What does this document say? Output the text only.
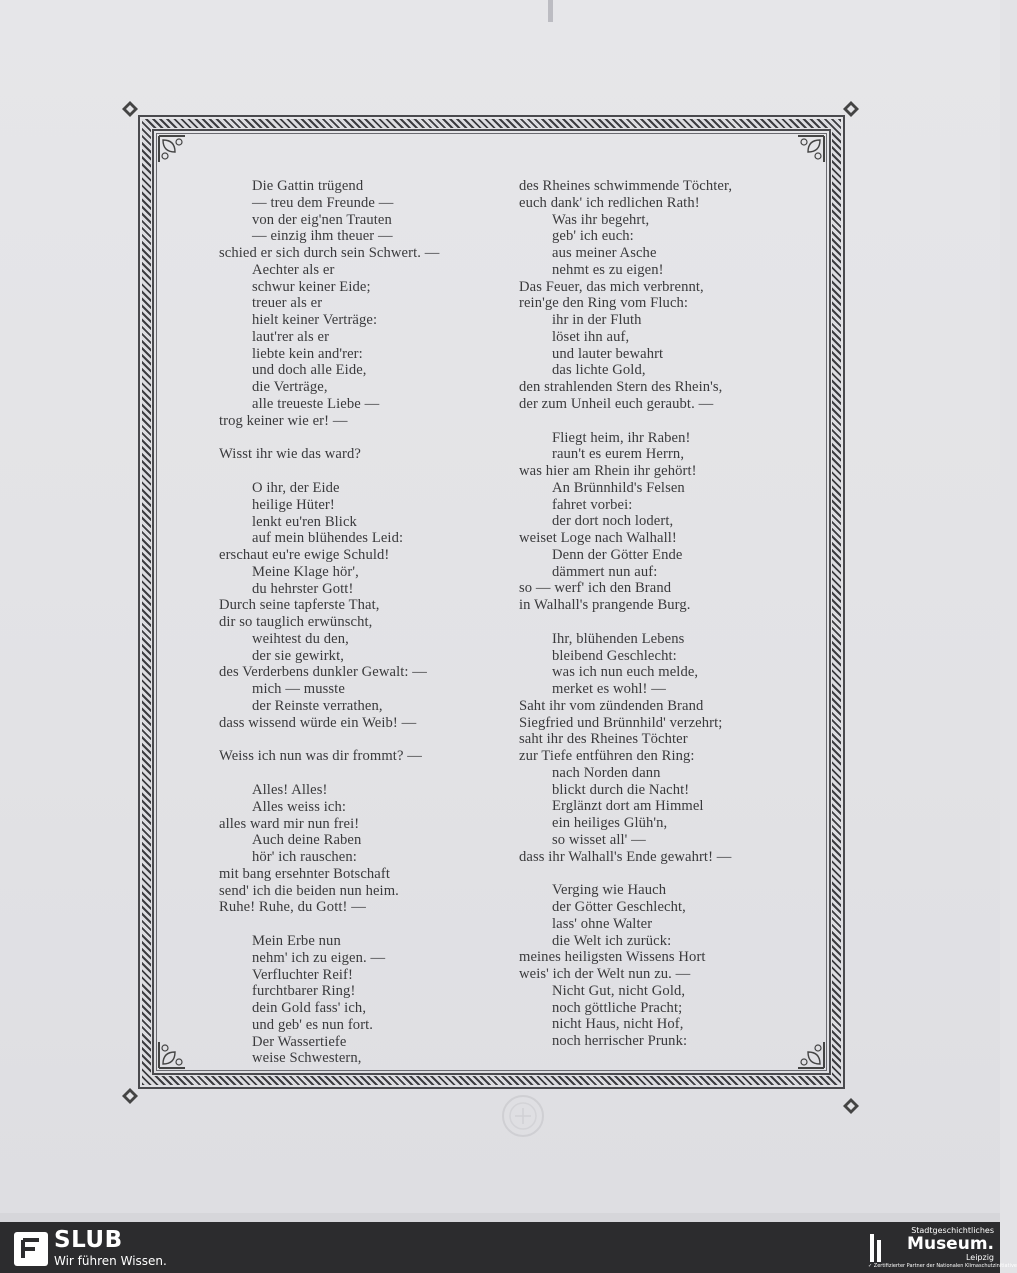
Die Gattin trügend
— treu dem Freunde —
von der eig'nen Trauten
— einzig ihm theuer —
schied er sich durch sein Schwert. —
Aechter als er
schwur keiner Eide;
treuer als er
hielt keiner Verträge:
laut'rer als er
liebte kein and'rer:
und doch alle Eide,
die Verträge,
alle treueste Liebe —
trog keiner wie er! —
Wisst ihr wie das ward?
O ihr, der Eide
heilige Hüter!
lenkt eu'ren Blick
auf mein blühendes Leid:
erschaut eu're ewige Schuld!
Meine Klage hör',
du hehrster Gott!
Durch seine tapferste That,
dir so tauglich erwünscht,
weihtest du den,
der sie gewirkt,
des Verderbens dunkler Gewalt: —
mich — musste
der Reinste verrathen,
dass wissend würde ein Weib! —
Weiss ich nun was dir frommt? —
Alles! Alles!
Alles weiss ich:
alles ward mir nun frei!
Auch deine Raben
hör' ich rauschen:
mit bang ersehnter Botschaft
send' ich die beiden nun heim.
Ruhe! Ruhe, du Gott! —
Mein Erbe nun
nehm' ich zu eigen. —
Verfluchter Reif!
furchtbarer Ring!
dein Gold fass' ich,
und geb' es nun fort.
Der Wassertiefe
weise Schwestern,
des Rheines schwimmende Töchter,
euch dank' ich redlichen Rath!
Was ihr begehrt,
geb' ich euch:
aus meiner Asche
nehmt es zu eigen!
Das Feuer, das mich verbrennt,
rein'ge den Ring vom Fluch:
ihr in der Fluth
löset ihn auf,
und lauter bewahrt
das lichte Gold,
den strahlenden Stern des Rhein's,
der zum Unheil euch geraubt. —
Fliegt heim, ihr Raben!
raun't es eurem Herrn,
was hier am Rhein ihr gehört!
An Brünnhild's Felsen
fahret vorbei:
der dort noch lodert,
weiset Loge nach Walhall!
Denn der Götter Ende
dämmert nun auf:
so — werf' ich den Brand
in Walhall's prangende Burg.
Ihr, blühenden Lebens
bleibend Geschlecht:
was ich nun euch melde,
merket es wohl! —
Saht ihr vom zündenden Brand
Siegfried und Brünnhild' verzehrt;
saht ihr des Rheines Töchter
zur Tiefe entführen den Ring:
nach Norden dann
blickt durch die Nacht!
Erglänzt dort am Himmel
ein heiliges Glüh'n,
so wisset all' —
dass ihr Walhall's Ende gewahrt! —
Verging wie Hauch
der Götter Geschlecht,
lass' ohne Walter
die Welt ich zurück:
meines heiligsten Wissens Hort
weis' ich der Welt nun zu. —
Nicht Gut, nicht Gold,
noch göttliche Pracht;
nicht Haus, nicht Hof,
noch herrischer Prunk:
SLUB
Wir führen Wissen.
Stadtgeschichtliches
Museum.
Leipzig
✓ Zertifizierter Partner der Nationalen Klimaschutzinitiative
